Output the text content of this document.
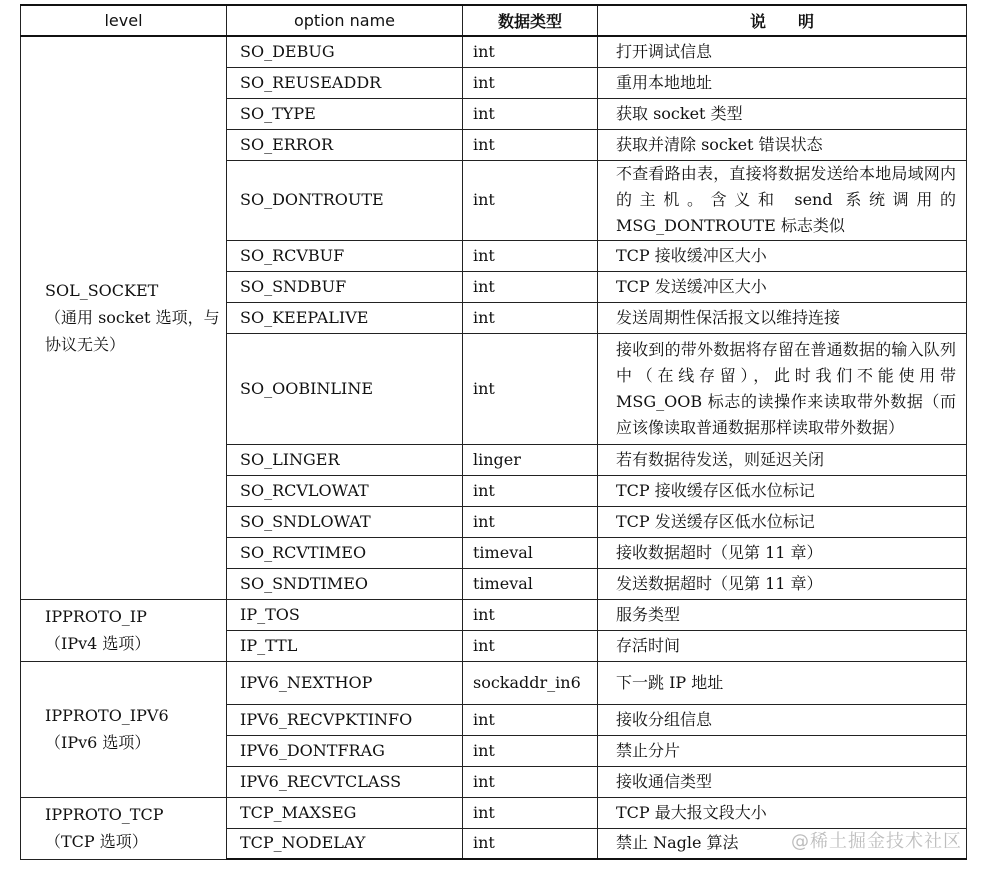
level	option name	数据类型	说　　明

SOL_SOCKET
（通用 socket 选项，与
协议无关）	SO_DEBUG	int	打开调试信息
	SO_REUSEADDR	int	重用本地地址
	SO_TYPE	int	获取 socket 类型
	SO_ERROR	int	获取并清除 socket 错误状态
	SO_DONTROUTE	int	不查看路由表，直接将数据发送给本地局域网内的主机。含义和 send 系统调用的 MSG_DONTROUTE 标志类似
	SO_RCVBUF	int	TCP 接收缓冲区大小
	SO_SNDBUF	int	TCP 发送缓冲区大小
	SO_KEEPALIVE	int	发送周期性保活报文以维持连接
	SO_OOBINLINE	int	接收到的带外数据将存留在普通数据的输入队列中（在线存留），此时我们不能使用带 MSG_OOB 标志的读操作来读取带外数据（而应该像读取普通数据那样读取带外数据）
	SO_LINGER	linger	若有数据待发送，则延迟关闭
	SO_RCVLOWAT	int	TCP 接收缓存区低水位标记
	SO_SNDLOWAT	int	TCP 发送缓存区低水位标记
	SO_RCVTIMEO	timeval	接收数据超时（见第 11 章）
	SO_SNDTIMEO	timeval	发送数据超时（见第 11 章）

IPPROTO_IP
（IPv4 选项）	IP_TOS	int	服务类型
	IP_TTL	int	存活时间

IPPROTO_IPV6
（IPv6 选项）	IPV6_NEXTHOP	sockaddr_in6	下一跳 IP 地址
	IPV6_RECVPKTINFO	int	接收分组信息
	IPV6_DONTFRAG	int	禁止分片
	IPV6_RECVTCLASS	int	接收通信类型

IPPROTO_TCP
（TCP 选项）	TCP_MAXSEG	int	TCP 最大报文段大小
	TCP_NODELAY	int	禁止 Nagle 算法	@稀土掘金技术社区
